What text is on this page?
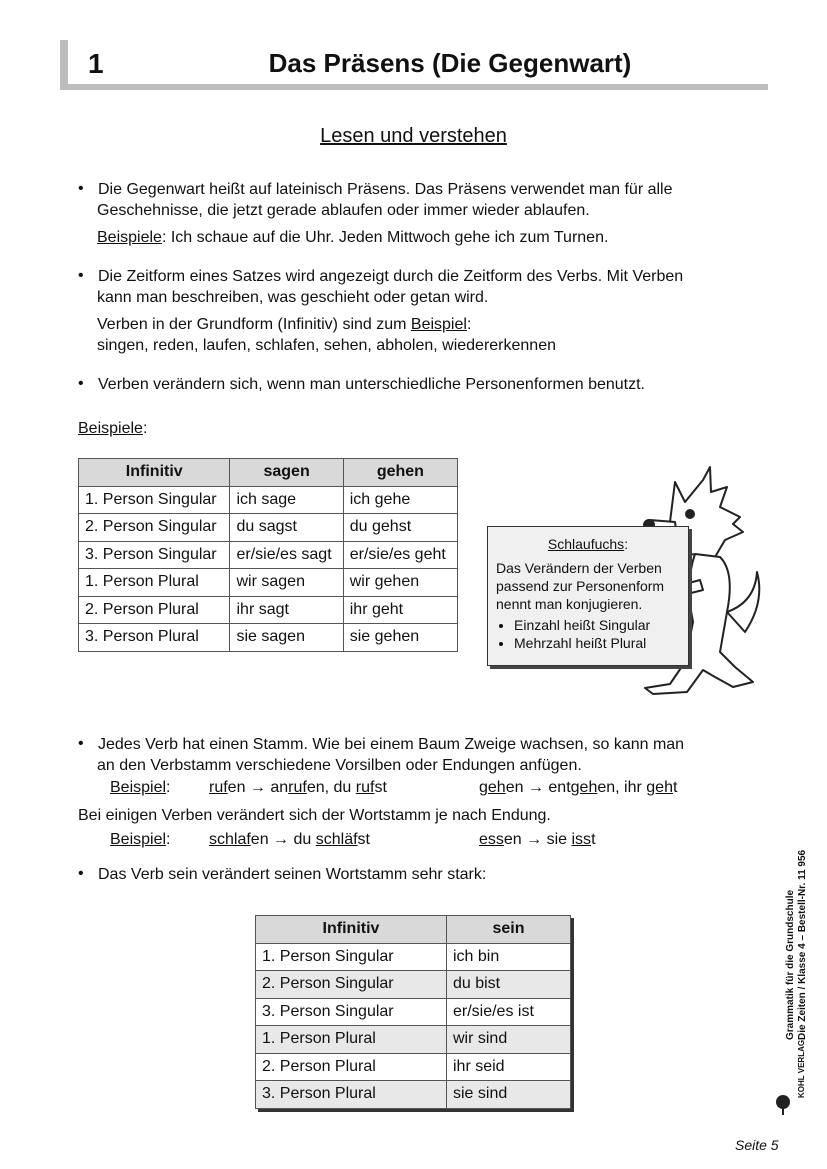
1	Das Präsens (Die Gegenwart)
Lesen und verstehen
• Die Gegenwart heißt auf lateinisch Präsens. Das Präsens verwendet man für alle
Geschehnisse, die jetzt gerade ablaufen oder immer wieder ablaufen.
Beispiele: Ich schaue auf die Uhr. Jeden Mittwoch gehe ich zum Turnen.
• Die Zeitform eines Satzes wird angezeigt durch die Zeitform des Verbs. Mit Verben
kann man beschreiben, was geschieht oder getan wird.
Verben in der Grundform (Infinitiv) sind zum Beispiel:
singen, reden, laufen, schlafen, sehen, abholen, wiedererkennen
• Verben verändern sich, wenn man unterschiedliche Personenformen benutzt.
Beispiele:
Infinitiv	sagen	gehen
1. Person Singular	ich sage	ich gehe
2. Person Singular	du sagst	du gehst
3. Person Singular	er/sie/es sagt	er/sie/es geht
1. Person Plural	wir sagen	wir gehen
2. Person Plural	ihr sagt	ihr geht
3. Person Plural	sie sagen	sie gehen
Schlaufuchs:
Das Verändern der Verben passend zur Personenform nennt man konjugieren.
• Einzahl heißt Singular
• Mehrzahl heißt Plural
• Jedes Verb hat einen Stamm. Wie bei einem Baum Zweige wachsen, so kann man
an den Verbstamm verschiedene Vorsilben oder Endungen anfügen.
Beispiel: rufen → anrufen, du rufst	gehen → entgehen, ihr geht
Bei einigen Verben verändert sich der Wortstamm je nach Endung.
Beispiel: schlafen → du schläfst	essen → sie isst
• Das Verb sein verändert seinen Wortstamm sehr stark:
Infinitiv	sein
1. Person Singular	ich bin
2. Person Singular	du bist
3. Person Singular	er/sie/es ist
1. Person Plural	wir sind
2. Person Plural	ihr seid
3. Person Plural	sie sind
Grammatik für die Grundschule Die Zeiten / Klasse 4 – Bestell-Nr. 11 956
KOHL VERLAG
Seite 5
